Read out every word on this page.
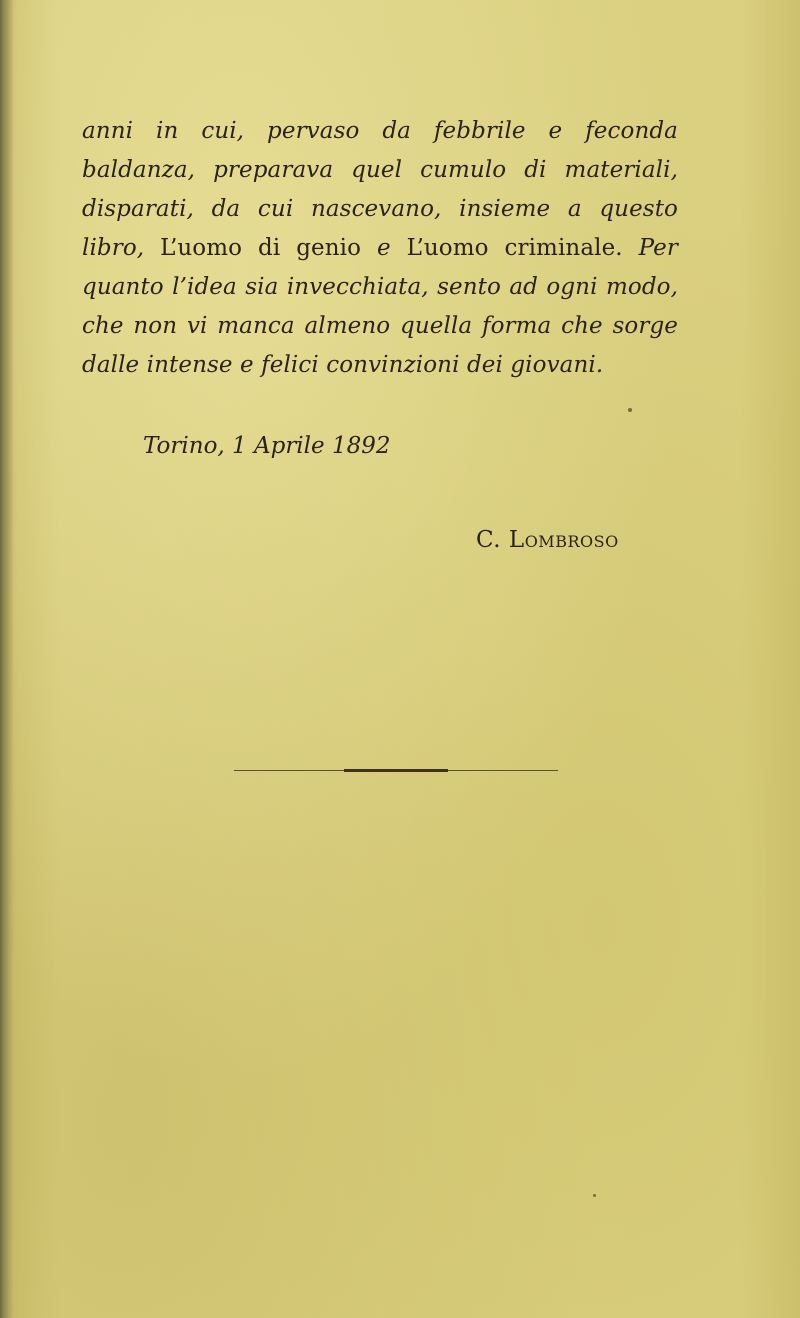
anni in cui, pervaso da febbrile e feconda baldanza, preparava quel cumulo di materiali, disparati, da cui nascevano, insieme a questo libro, L’uomo di genio e L’uomo criminale. Per quanto l’idea sia invecchiata, sento ad ogni modo, che non vi manca almeno quella forma che sorge dalle intense e felici convinzioni dei giovani.

Torino, 1 Aprile 1892
C. Lombroso
